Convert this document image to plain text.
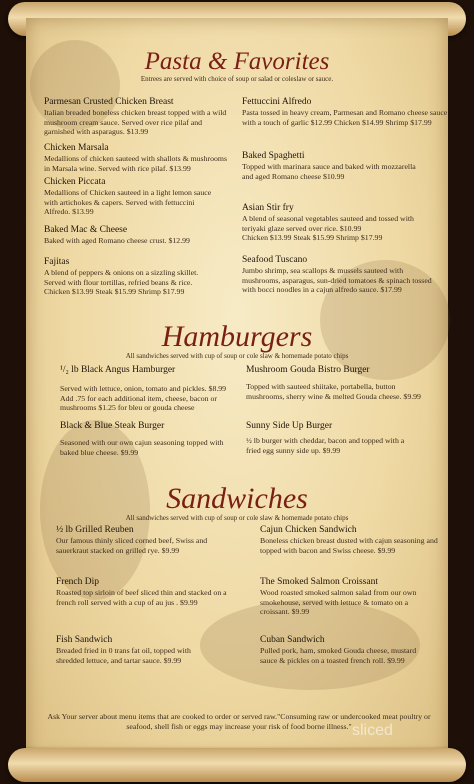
Pasta & Favorites
Entrees are served with choice of soup or salad or coleslaw or sauce.
Parmesan Crusted Chicken Breast
Italian breaded boneless chicken breast topped with a wild
mushroom cream sauce. Served over rice pilaf and
garnished with asparagus. $13.99
Chicken Marsala
Medallions of chicken sauteed with shallots & mushrooms
in Marsala wine. Served with rice pilaf. $13.99
Chicken Piccata
Medallions of Chicken sauteed in a light lemon sauce
with artichokes & capers. Served with fettuccini
Alfredo. $13.99
Baked Mac & Cheese
Baked with aged Romano cheese crust. $12.99
Fajitas
A blend of peppers & onions on a sizzling skillet.
Served with flour tortillas, refried beans & rice.
Chicken $13.99 Steak $15.99 Shrimp $17.99
Fettuccini Alfredo
Pasta tossed in heavy cream, Parmesan and Romano cheese sauce
with a touch of garlic $12.99 Chicken $14.99 Shrimp $17.99
Baked Spaghetti
Topped with marinara sauce and baked with mozzarella
and aged Romano cheese $10.99
Asian Stir fry
A blend of seasonal vegetables sauteed and tossed with
teriyaki glaze served over rice. $10.99
Chicken $13.99 Steak $15.99 Shrimp $17.99
Seafood Tuscano
Jumbo shrimp, sea scallops & mussels sauteed with
mushrooms, asparagus, sun-dried tomatoes & spinach tossed
with bocci noodles in a cajun alfredo sauce. $17.99
Hamburgers
All sandwiches served with cup of soup or cole slaw & homemade potato chips
¹/₂ lb Black Angus Hamburger
Served with lettuce, onion, tomato and pickles. $8.99
Add .75 for each additional item, cheese, bacon or
mushrooms $1.25 for bleu or gouda cheese
Black & Blue Steak Burger
Seasoned with our own cajun seasoning topped with
baked blue cheese. $9.99
Mushroom Gouda Bistro Burger
Topped with sauteed shiitake, portabella, button
mushrooms, sherry wine & melted Gouda cheese. $9.99
Sunny Side Up Burger
½ lb burger with cheddar, bacon and topped with a
fried egg sunny side up. $9.99
Sandwiches
All sandwiches served with cup of soup or cole slaw & homemade potato chips
½ lb Grilled Reuben
Our famous thinly sliced corned beef, Swiss and
sauerkraut stacked on grilled rye. $9.99
French Dip
Roasted top sirloin of beef sliced thin and stacked on a
french roll served with a cup of au jus . $9.99
Fish Sandwich
Breaded fried in 0 trans fat oil, topped with
shredded lettuce, and tartar sauce. $9.99
Cajun Chicken Sandwich
Boneless chicken breast dusted with cajun seasoning and
topped with bacon and Swiss cheese. $9.99
The Smoked Salmon Croissant
Wood roasted smoked salmon salad from our own
smokehouse, served with lettuce & tomato on a
croissant. $9.99
Cuban Sandwich
Pulled pork, ham, smoked Gouda cheese, mustard
sauce & pickles on a toasted french roll. $9.99
Ask Your server about menu items that are cooked to order or served raw."Consuming raw or undercooked meat poultry or seafood, shell fish or eggs may increase your risk of food borne illness." sliced
